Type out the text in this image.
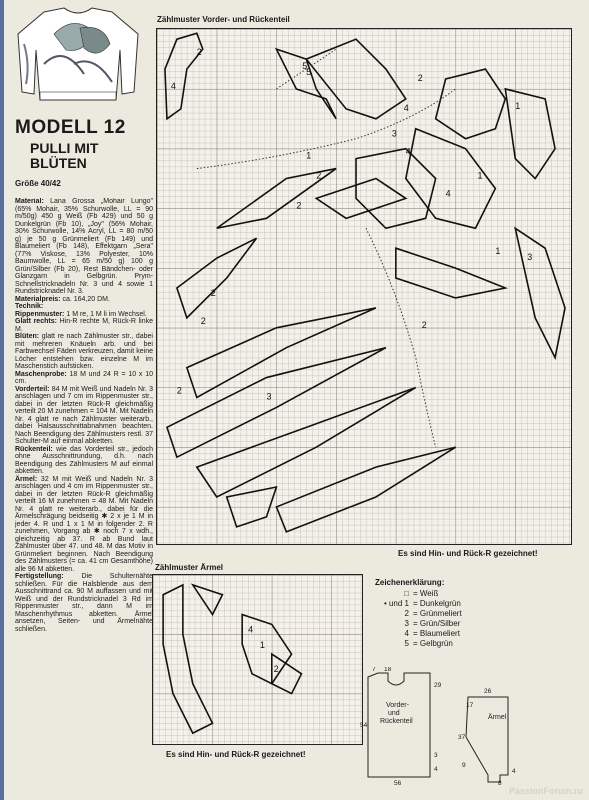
MODELL 12
PULLI MIT
BLÜTEN
Größe 40/42

Material: Lana Grossa „Mohair Lungo" (65% Mohair, 35% Schurwolle, LL = 90 m/50g) 450 g Weiß (Fb 429) und 50 g Dunkelgrün (Fb 10), „Joy" (56% Mohair, 30% Schurwolle, 14% Acryl, LL = 80 m/50 g) je 50 g Grünmeliert (Fb 149) und Blaumeliert (Fb 148), Effektgarn „Sera" (77% Viskose, 13% Polyester, 10% Baumwolle, LL = 65 m/50 g) 100 g Grün/Silber (Fb 20), Rest Bändchen- oder Glanzgarn in Gelbgrün. Prym-Schnellstricknadeln Nr. 3 und 4 sowie 1 Rundstricknadel Nr. 3.

Materialpreis: ca. 164,20 DM.

Technik:

Rippenmuster: 1 M re, 1 M li im Wechsel.

Glatt rechts: Hin-R rechte M, Rück-R linke M.

Blüten: glatt re nach Zählmuster str., dabei mit mehreren Knäueln arb. und bei Farbwechsel Fäden verkreuzen, damit keine Löcher entstehen bzw. einzelne M im Maschenstich aufsticken.

Maschenprobe: 18 M und 24 R = 10 x 10 cm.

Vorderteil: 84 M mit Weiß und Nadeln Nr. 3 anschlagen und 7 cm im Rippenmuster str., dabei in der letzten Rück-R gleichmäßig verteilt 20 M zunehmen = 104 M. Mit Nadeln Nr. 4 glatt re nach Zählmuster weiterarb., dabei Halsausschnittabnahmen beachten. Nach Beendigung des Zählmusters restl. 37 Schulter-M auf einmal abketten.

Rückenteil: wie das Vorderteil str., jedoch ohne Ausschnittrundung, d.h. nach Beendigung des Zählmusters M auf einmal abketten.

Ärmel: 32 M mit Weiß und Nadeln Nr. 3 anschlagen und 4 cm im Rippenmuster str., dabei in der letzten Rück-R gleichmäßig verteilt 16 M zunehmen = 48 M. Mit Nadeln Nr. 4 glatt re weiterarb., dabei für die Ärmelschrägung beidseitig ✱ 2 x je 1 M in jeder 4. R und 1 x 1 M in folgender 2. R zunehmen, Vorgang ab ✱ noch 7 x wdh., gleichzeitig ab 37. R ab Bund laut Zählmuster über 47. und 48. M das Motiv in Grünmeliert beginnen. Nach Beendigung des Zählmusters (= ca. 41 cm Gesamthöhe) alle 96 M abketten.

Fertigstellung: Die Schulternähte schließen. Für die Halsblende aus dem Ausschnittrand ca. 90 M auffassen und mit Weiß und der Rundstricknadel 3 Rd im Rippenmuster str., dann M im Maschenrhythmus abketten. Ärmel ansetzen, Seiten- und Ärmelnähte schließen.

Zählmuster Vorder- und Rückenteil
2
5
4
2
4
3
1
2	1
4
1
2
4
2
3
2
1
2
5
2
3
Es sind Hin- und Rück-R gezeichnet!
Zählmuster Ärmel
4
1
2
Es sind Hin- und Rück-R gezeichnet!
Zeichenerklärung:
□ = Weiß
• und 1 = Dunkelgrün
2 = Grünmeliert
3 = Grün/Silber
4 = Blaumeliert
5 = Gelbgrün
Vorder-
und
Rückenteil
Ärmel
7 18
29
54
3
4
56
37
26
9
4
17
8
PassionForum.ru
